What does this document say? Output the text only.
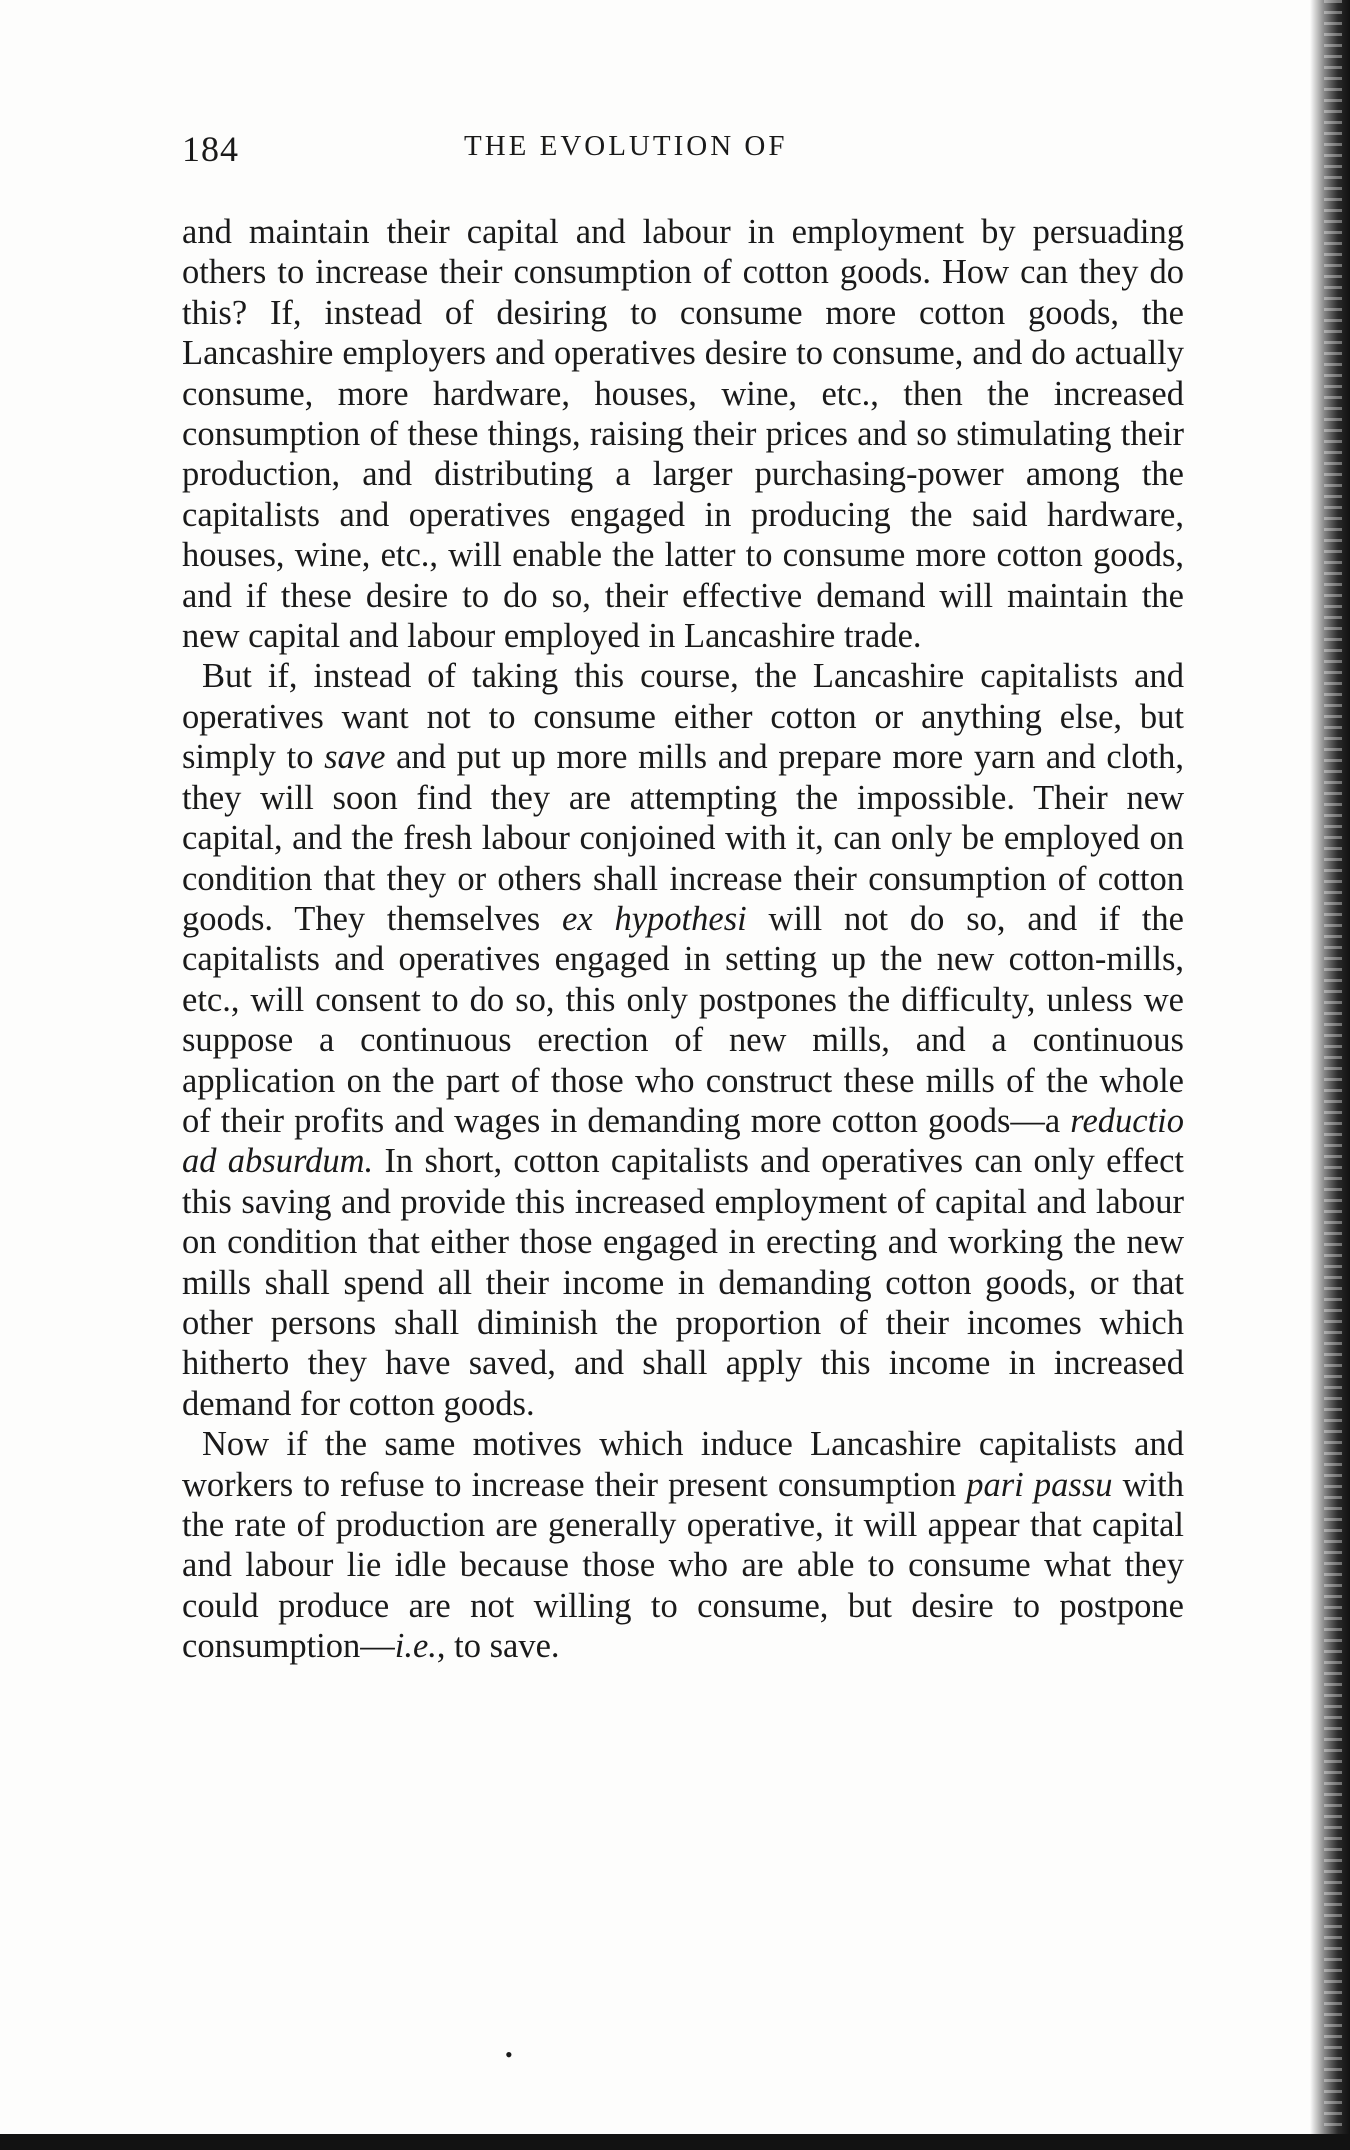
184	THE EVOLUTION OF

and maintain their capital and labour in employment by persuading others to increase their consumption of cotton goods. How can they do this? If, instead of desiring to consume more cotton goods, the Lancashire employers and operatives desire to consume, and do actually consume, more hardware, houses, wine, etc., then the increased consumption of these things, raising their prices and so stimulating their production, and distributing a larger purchasing-power among the capitalists and operatives engaged in producing the said hardware, houses, wine, etc., will enable the latter to consume more cotton goods, and if these desire to do so, their effective demand will maintain the new capital and labour employed in Lancashire trade.

But if, instead of taking this course, the Lancashire capitalists and operatives want not to consume either cotton or anything else, but simply to save and put up more mills and prepare more yarn and cloth, they will soon find they are attempting the impossible. Their new capital, and the fresh labour conjoined with it, can only be employed on condition that they or others shall increase their consumption of cotton goods. They themselves ex hypothesi will not do so, and if the capitalists and operatives engaged in setting up the new cotton-mills, etc., will consent to do so, this only postpones the difficulty, unless we suppose a continuous erection of new mills, and a continuous application on the part of those who construct these mills of the whole of their profits and wages in demanding more cotton goods—a reductio ad absurdum. In short, cotton capitalists and operatives can only effect this saving and provide this increased employment of capital and labour on condition that either those engaged in erecting and working the new mills shall spend all their income in demanding cotton goods, or that other persons shall diminish the proportion of their incomes which hitherto they have saved, and shall apply this income in increased demand for cotton goods.

Now if the same motives which induce Lancashire capitalists and workers to refuse to increase their present consumption pari passu with the rate of production are generally operative, it will appear that capital and labour lie idle because those who are able to consume what they could produce are not willing to consume, but desire to postpone consumption—i.e., to save.

•
